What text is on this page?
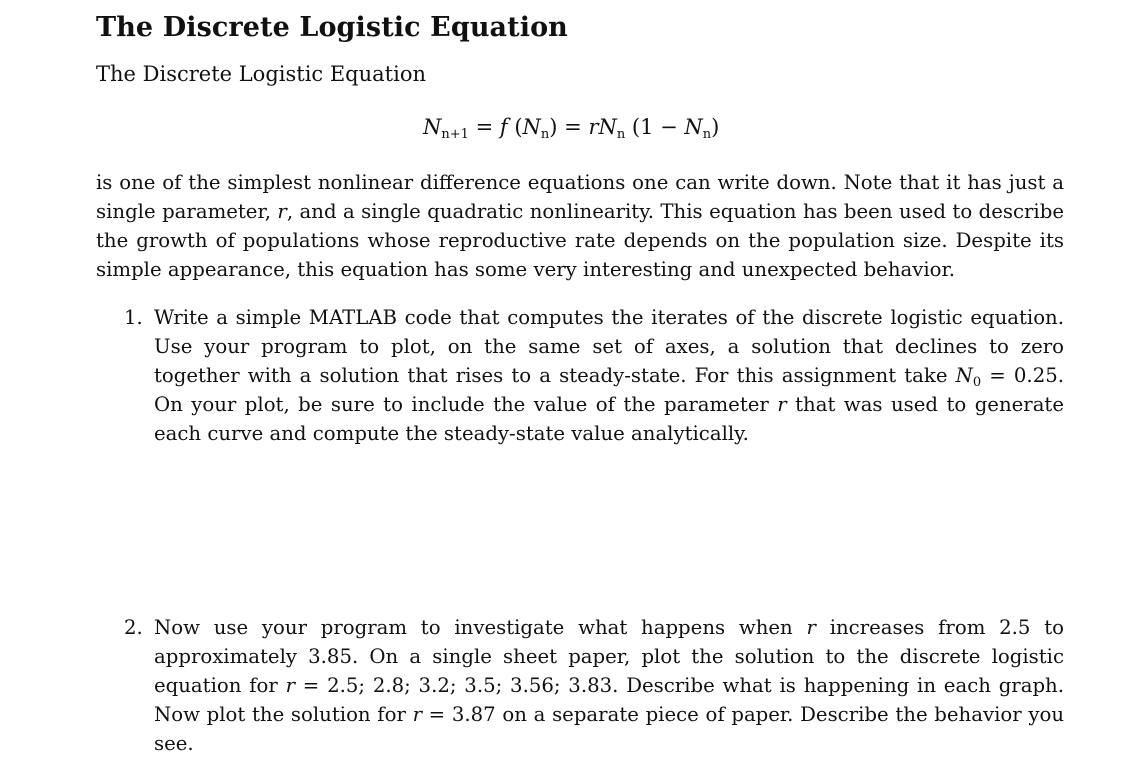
The Discrete Logistic Equation
The Discrete Logistic Equation
$N_{n+1} = f$ $(N_n) = rN_n$ $(1 - N_n)$

is one of the simplest nonlinear difference equations one can write down. Note that it has just a single parameter, r, and a single quadratic nonlinearity. This equation has been used to describe the growth of populations whose reproductive rate depends on the population size. Despite its simple appearance, this equation has some very interesting and unexpected behavior.

1. Write a simple MATLAB code that computes the iterates of the discrete logistic equation. Use your program to plot, on the same set of axes, a solution that declines to zero together with a solution that rises to a steady-state. For this assignment take $N_0 = 0.25$. On your plot, be sure to include the value of the parameter r that was used to generate each curve and compute the steady-state value analytically.
2. Now use your program to investigate what happens when r increases from 2.5 to approximately 3.85. On a single sheet paper, plot the solution to the discrete logistic equation for r = 2.5; 2.8; 3.2; 3.5; 3.56; 3.83. Describe what is happening in each graph. Now plot the solution for r = 3.87 on a separate piece of paper. Describe the behavior you see.
